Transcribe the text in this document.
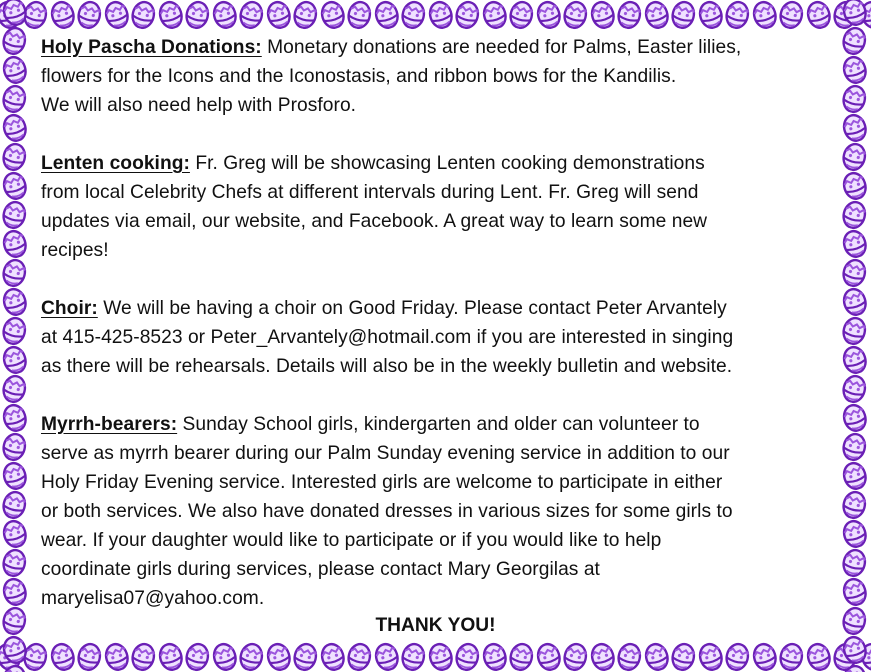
Holy Pascha Donations: Monetary donations are needed for Palms, Easter lilies,
flowers for the Icons and the Iconostasis, and ribbon bows for the Kandilis.
We will also need help with Prosforo.
Lenten cooking: Fr. Greg will be showcasing Lenten cooking demonstrations
from local Celebrity Chefs at different intervals during Lent. Fr. Greg will send
updates via email, our website, and Facebook. A great way to learn some new
recipes!
Choir: We will be having a choir on Good Friday. Please contact Peter Arvantely
at 415-425-8523 or Peter_Arvantely@hotmail.com if you are interested in singing
as there will be rehearsals. Details will also be in the weekly bulletin and website.
Myrrh-bearers: Sunday School girls, kindergarten and older can volunteer to
serve as myrrh bearer during our Palm Sunday evening service in addition to our
Holy Friday Evening service. Interested girls are welcome to participate in either
or both services. We also have donated dresses in various sizes for some girls to
wear. If your daughter would like to participate or if you would like to help
coordinate girls during services, please contact Mary Georgilas at
maryelisa07@yahoo.com.
THANK YOU!
